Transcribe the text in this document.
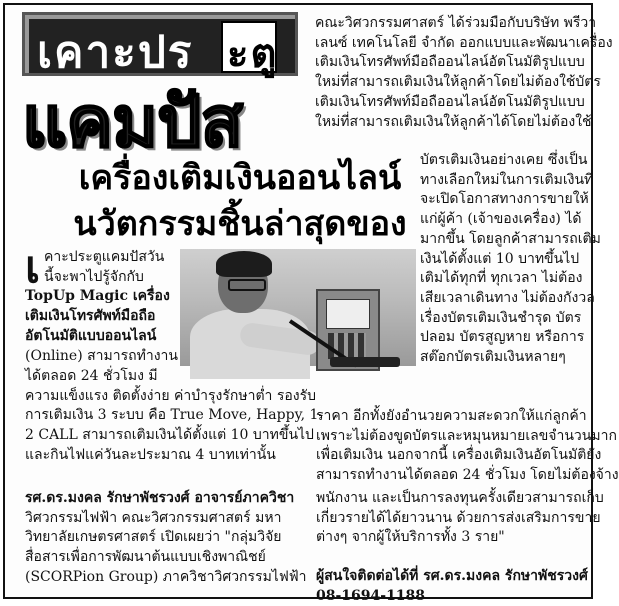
เคาะปร ะตู
แคมปัส
เครื่องเติมเงินออนไลน์
นวัตกรรมชิ้นล่าสุดของ
คณะวิศวกรรมศาสตร์ ได้ร่วมมือกับบริษัท พรีวา
เลนซ์ เทคโนโลยี จำกัด ออกแบบและพัฒนาเครื่อง
เติมเงินโทรศัพท์มือถืออนไลน์อัตโนมัติรูปแบบ
ใหม่ที่สามารถเติมเงินให้ลูกค้าโดยไม่ต้องใช้บัตร
เติมเงินโทรศัพท์มือถืออนไลน์อัตโนมัติรูปแบบ
ใหม่ที่สามารถเติมเงินให้ลูกค้าได้โดยไม่ต้องใช้
บัตรเติมเงินอย่างเคย ซึ่งเป็น
ทางเลือกใหม่ในการเติมเงินที่
จะเปิดโอกาสทางการขายให้
แก่ผู้ค้า (เจ้าของเครื่อง) ได้
มากขึ้น โดยลูกค้าสามารถเติม
เงินได้ตั้งแต่ 10 บาทขึ้นไป
เติมได้ทุกที่ ทุกเวลา ไม่ต้อง
เสียเวลาเดินทาง ไม่ต้องกังวล
เรื่องบัตรเติมเงินชำรุด บัตร
ปลอม บัตรสูญหาย หรือการ
สต๊อกบัตรเติมเงินหลายๆ
เ คาะประตูแคมปัสวัน
นี้จะพาไปรู้จักกับ
TopUp Magic เครื่อง
เติมเงินโทรศัพท์มือถือ
อัตโนมัติแบบออนไลน์
(Online) สามารถทำงาน
ได้ตลอด 24 ชั่วโมง มี
ความแข็งแรง ติดตั้งง่าย ค่าบำรุงรักษาต่ำ รองรับ
การเติมเงิน 3 ระบบ คือ True Move, Happy, 1-
2 CALL สามารถเติมเงินได้ตั้งแต่ 10 บาทขึ้นไป
และกินไฟแค่วันละประมาณ 4 บาทเท่านั้น
ราคา อีกทั้งยังอำนวยความสะดวกให้แก่ลูกค้า
เพราะไม่ต้องขูดบัตรและหมุนหมายเลขจำนวนมาก
เพื่อเติมเงิน นอกจากนี้ เครื่องเติมเงินอัตโนมัติยัง
สามารถทำงานได้ตลอด 24 ชั่วโมง โดยไม่ต้องจ้าง
รศ.ดร.มงคล รักษาพัชรวงศ์ อาจารย์ภาควิชา
วิศวกรรมไฟฟ้า คณะวิศวกรรมศาสตร์ มหา
วิทยาลัยเกษตรศาสตร์ เปิดเผยว่า "กลุ่มวิจัย
สื่อสารเพื่อการพัฒนาต้นแบบเชิงพาณิชย์
(SCORPion Group) ภาควิชาวิศวกรรมไฟฟ้า
พนักงาน และเป็นการลงทุนครั้งเดียวสามารถเก็บ
เกี่ยวรายได้ได้ยาวนาน ด้วยการส่งเสริมการขาย
ต่างๆ จากผู้ให้บริการทั้ง 3 ราย"
ผู้สนใจติดต่อได้ที่ รศ.ดร.มงคล รักษาพัชรวงศ์
08-1694-1188
